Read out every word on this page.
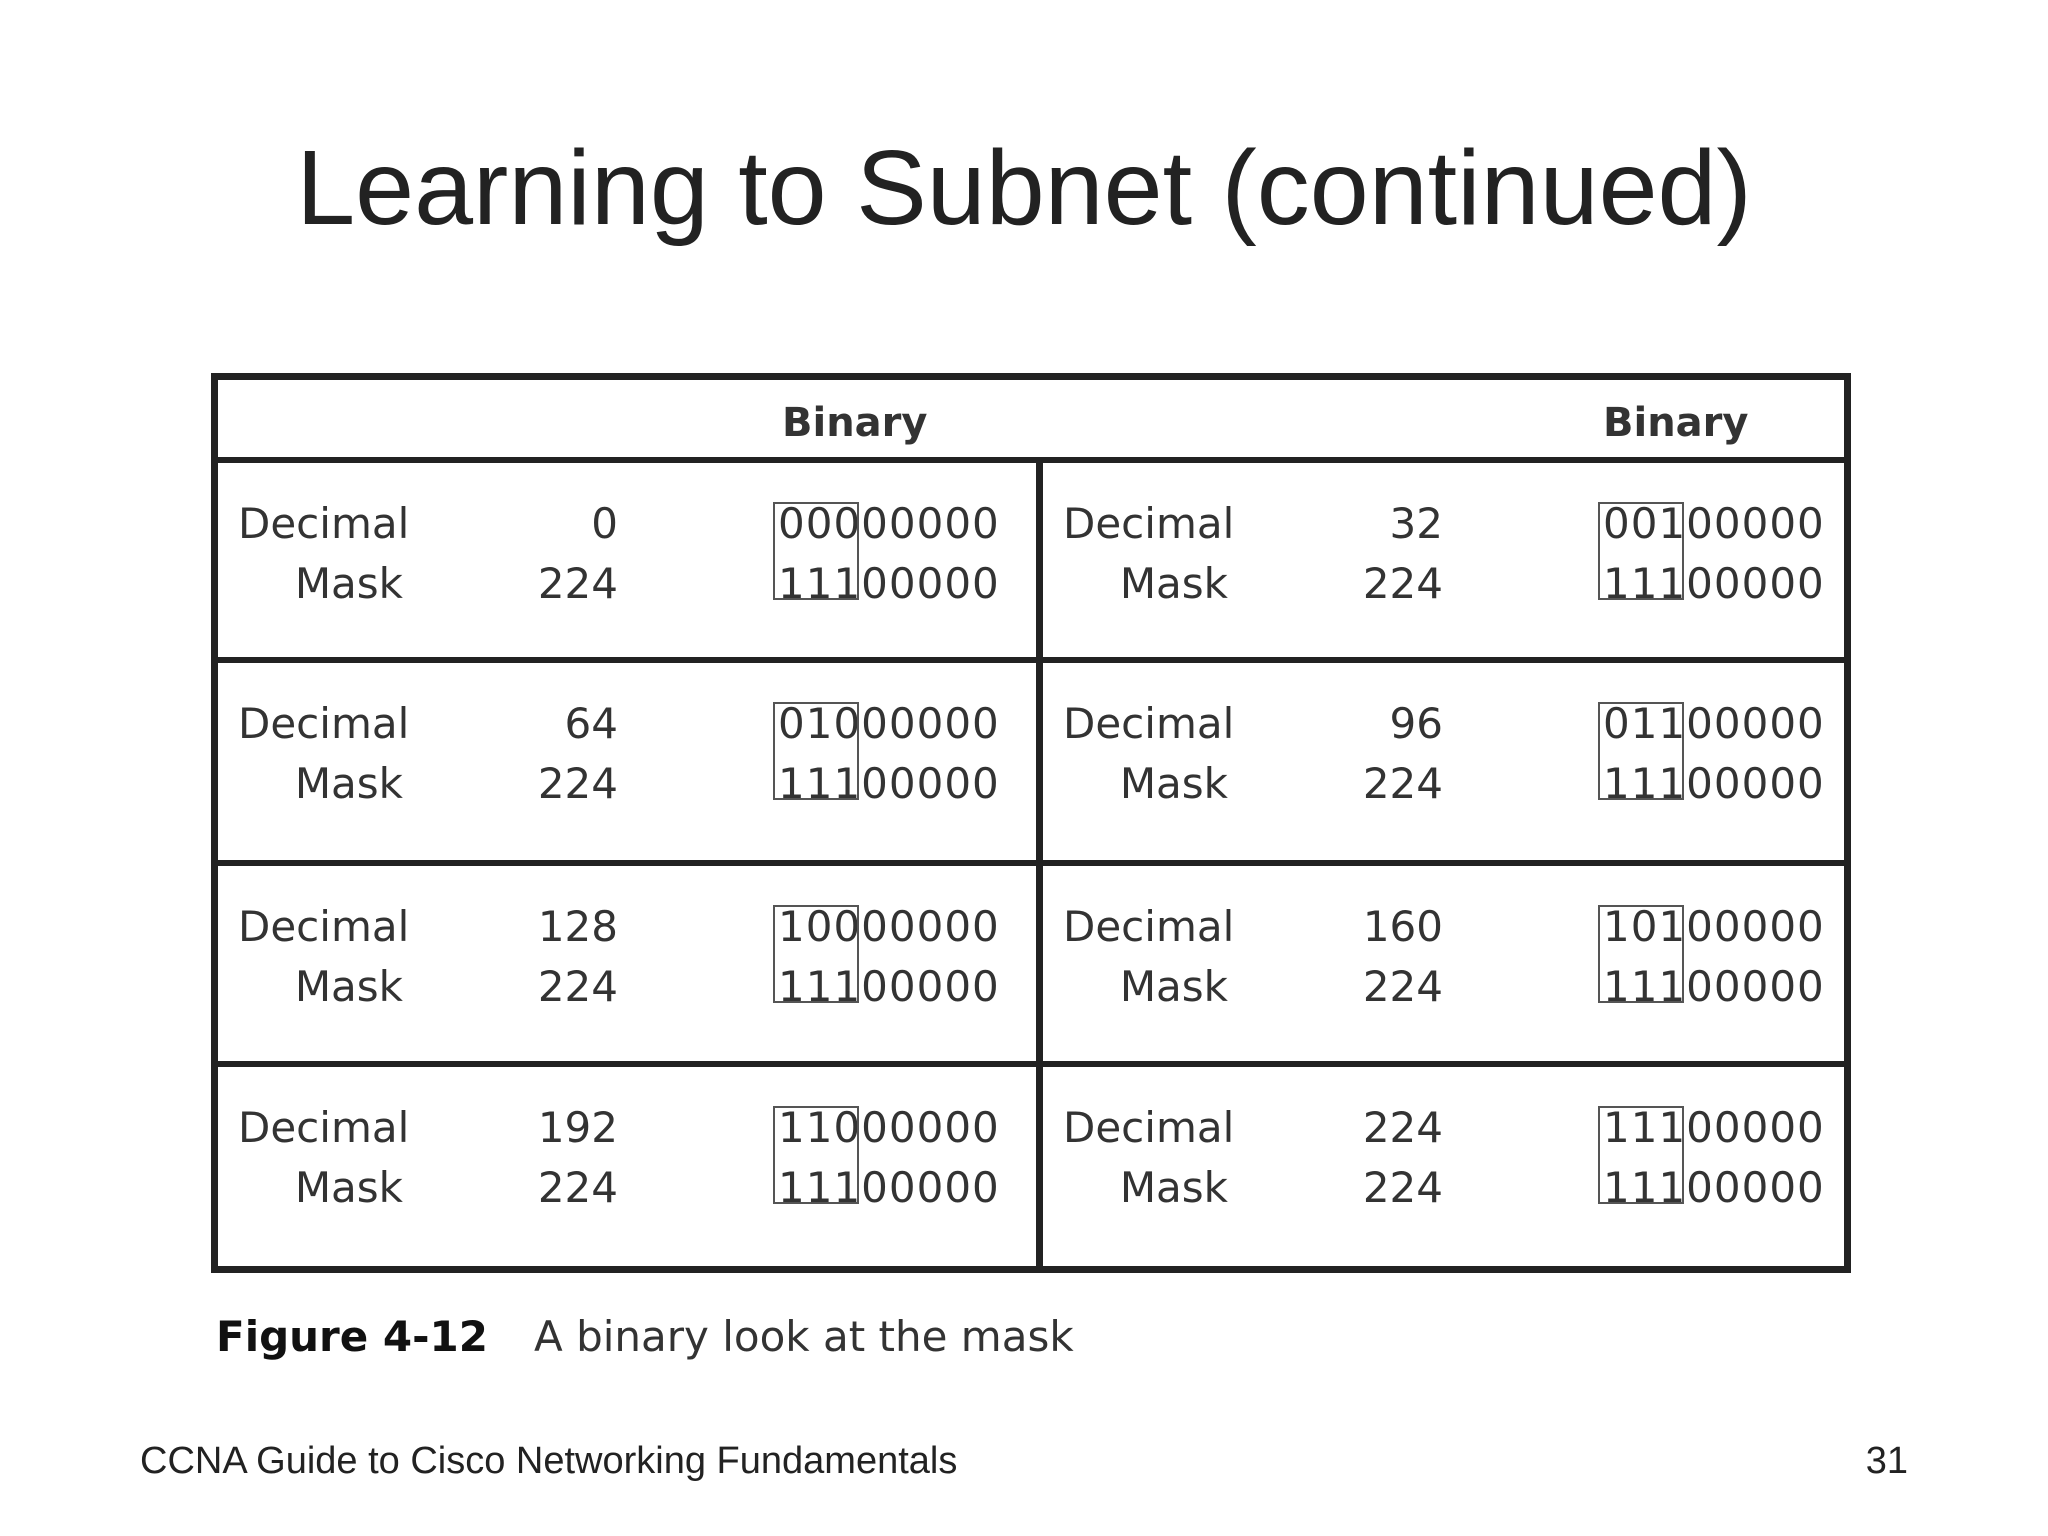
Learning to Subnet (continued)
Binary	Binary
Decimal	0	00000000
Mask	224	11100000
Decimal	32	00100000
Mask	224	11100000
Decimal	64	01000000
Mask	224	11100000
Decimal	96	01100000
Mask	224	11100000
Decimal	128	10000000
Mask	224	11100000
Decimal	160	10100000
Mask	224	11100000
Decimal	192	11000000
Mask	224	11100000
Decimal	224	11100000
Mask	224	11100000
Figure 4-12 A binary look at the mask
CCNA Guide to Cisco Networking Fundamentals	31
